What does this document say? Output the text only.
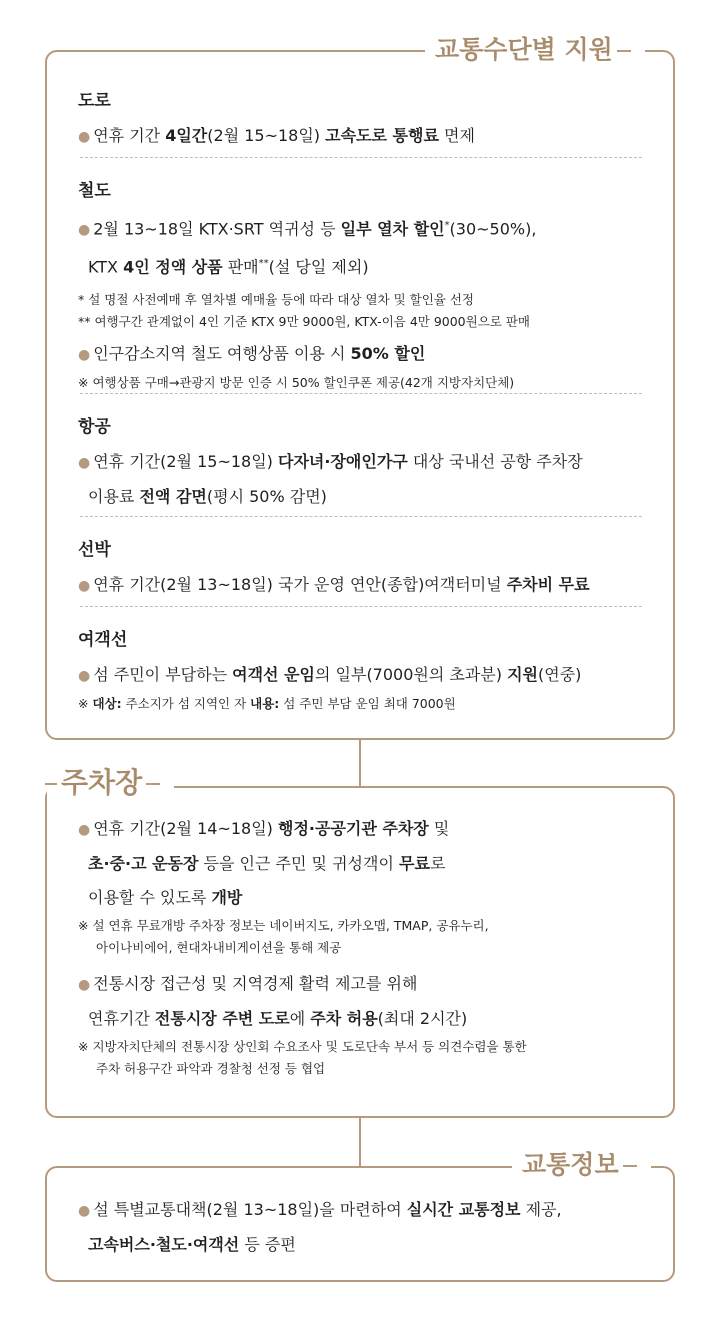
교통수단별 지원
도로
● 연휴 기간 4일간(2월 15~18일) 고속도로 통행료 면제
철도
● 2월 13~18일 KTX·SRT 역귀성 등 일부 열차 할인*(30~50%),
KTX 4인 정액 상품 판매**(설 당일 제외)
* 설 명절 사전예매 후 열차별 예매율 등에 따라 대상 열차 및 할인율 선정
** 여행구간 관계없이 4인 기준 KTX 9만 9000원, KTX-이음 4만 9000원으로 판매
● 인구감소지역 철도 여행상품 이용 시 50% 할인
※ 여행상품 구매→관광지 방문 인증 시 50% 할인쿠폰 제공(42개 지방자치단체)
항공
● 연휴 기간(2월 15~18일) 다자녀·장애인가구 대상 국내선 공항 주차장
이용료 전액 감면(평시 50% 감면)
선박
● 연휴 기간(2월 13~18일) 국가 운영 연안(종합)여객터미널 주차비 무료
여객선
● 섬 주민이 부담하는 여객선 운임의 일부(7000원의 초과분) 지원(연중)
※ 대상: 주소지가 섬 지역인 자 내용: 섬 주민 부담 운임 최대 7000원
주차장
● 연휴 기간(2월 14~18일) 행정·공공기관 주차장 및
초·중·고 운동장 등을 인근 주민 및 귀성객이 무료로
이용할 수 있도록 개방
※ 설 연휴 무료개방 주차장 정보는 네이버지도, 카카오맵, TMAP, 공유누리,
아이나비에어, 현대차내비게이션을 통해 제공
● 전통시장 접근성 및 지역경제 활력 제고를 위해
연휴기간 전통시장 주변 도로에 주차 허용(최대 2시간)
※ 지방자치단체의 전통시장 상인회 수요조사 및 도로단속 부서 등 의견수렴을 통한
주차 허용구간 파악과 경찰청 선정 등 협업
교통정보
● 설 특별교통대책(2월 13~18일)을 마련하여 실시간 교통정보 제공,
고속버스·철도·여객선 등 증편
